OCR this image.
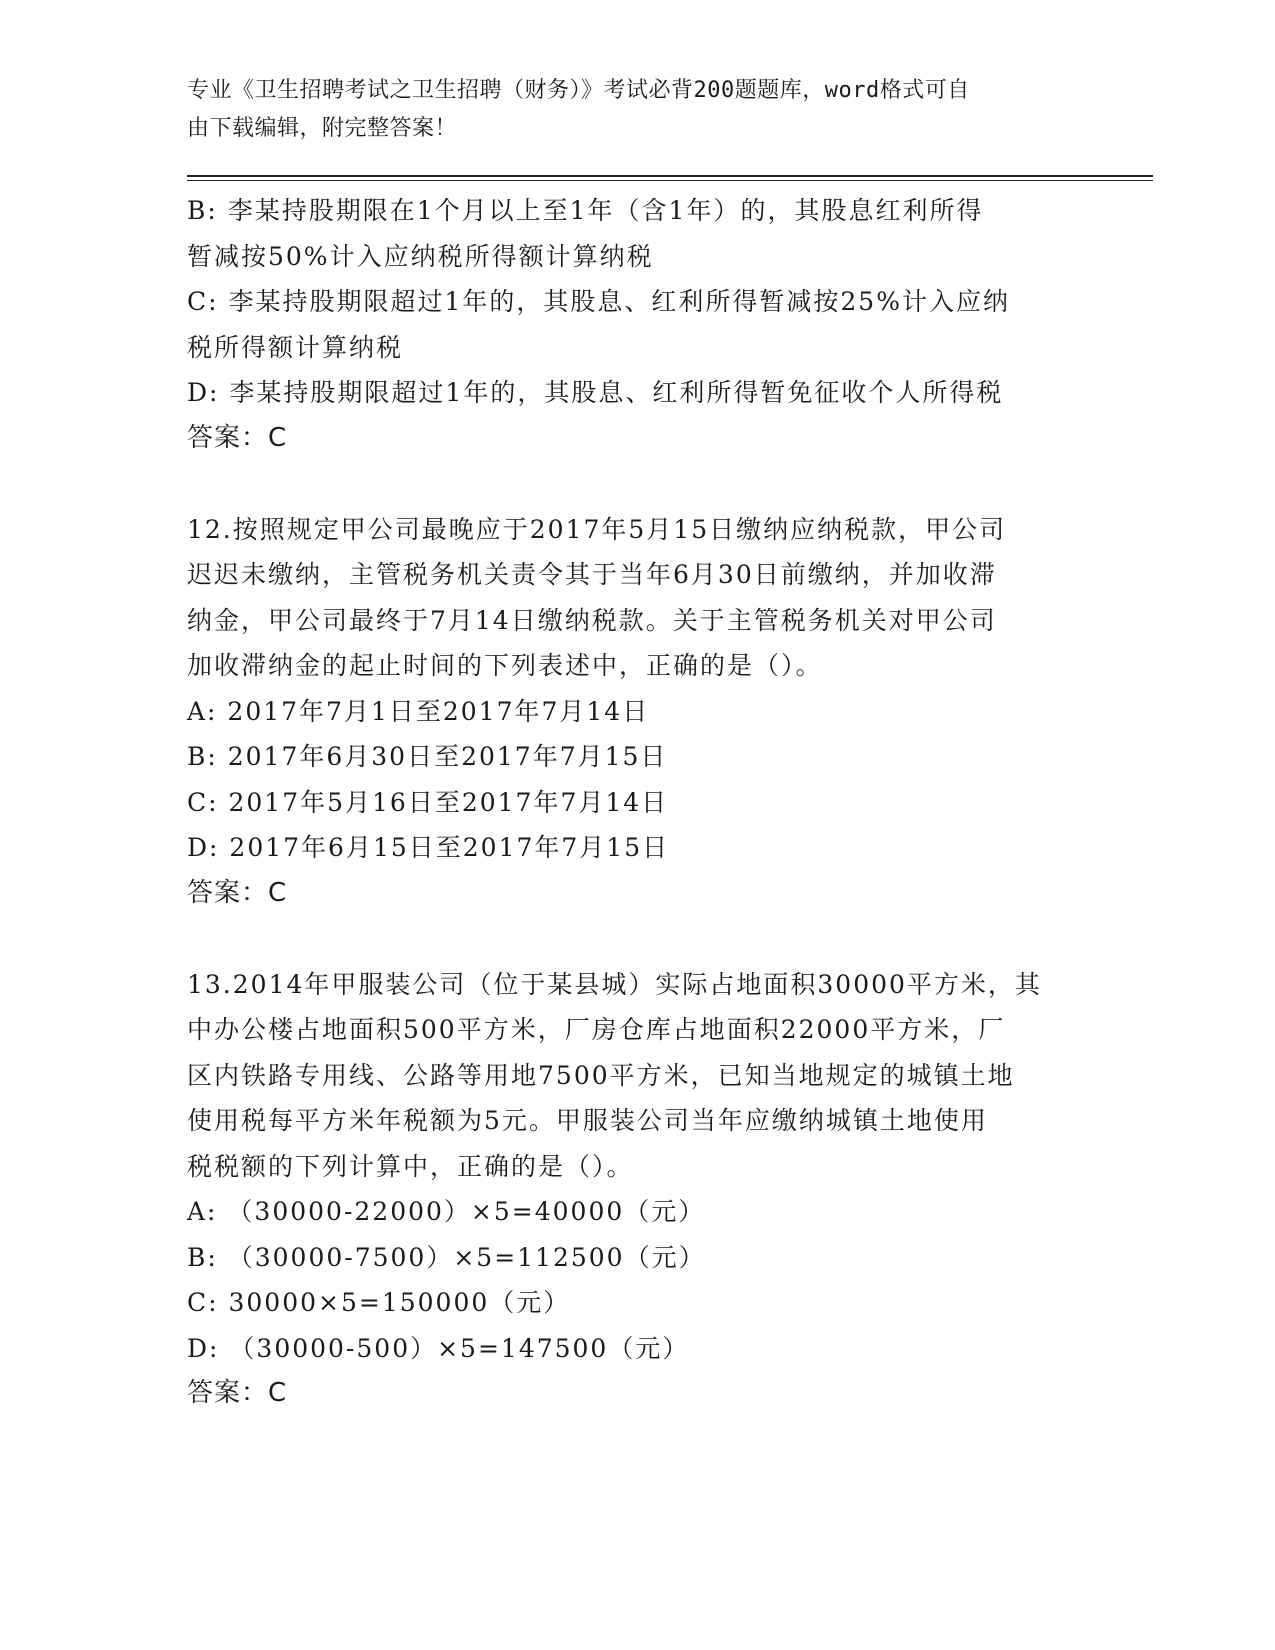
专业《卫生招聘考试之卫生招聘（财务）》考试必背200题题库，word格式可自
由下载编辑，附完整答案！

B: 李某持股期限在1个月以上至1年（含1年）的，其股息红利所得

暂减按50%计入应纳税所得额计算纳税

C: 李某持股期限超过1年的，其股息、红利所得暂减按25%计入应纳

税所得额计算纳税

D: 李某持股期限超过1年的，其股息、红利所得暂免征收个人所得税

答案：C

12.按照规定甲公司最晚应于2017年5月15日缴纳应纳税款，甲公司

迟迟未缴纳，主管税务机关责令其于当年6月30日前缴纳，并加收滞

纳金，甲公司最终于7月14日缴纳税款。关于主管税务机关对甲公司

加收滞纳金的起止时间的下列表述中，正确的是（）。

A: 2017年7月1日至2017年7月14日

B: 2017年6月30日至2017年7月15日

C: 2017年5月16日至2017年7月14日

D: 2017年6月15日至2017年7月15日

答案：C

13.2014年甲服装公司（位于某县城）实际占地面积30000平方米，其

中办公楼占地面积500平方米，厂房仓库占地面积22000平方米，厂

区内铁路专用线、公路等用地7500平方米，已知当地规定的城镇土地

使用税每平方米年税额为5元。甲服装公司当年应缴纳城镇土地使用

税税额的下列计算中，正确的是（）。

A: （30000-22000）×5=40000（元）

B: （30000-7500）×5=112500（元）

C: 30000×5=150000（元）

D: （30000-500）×5=147500（元）

答案：C
